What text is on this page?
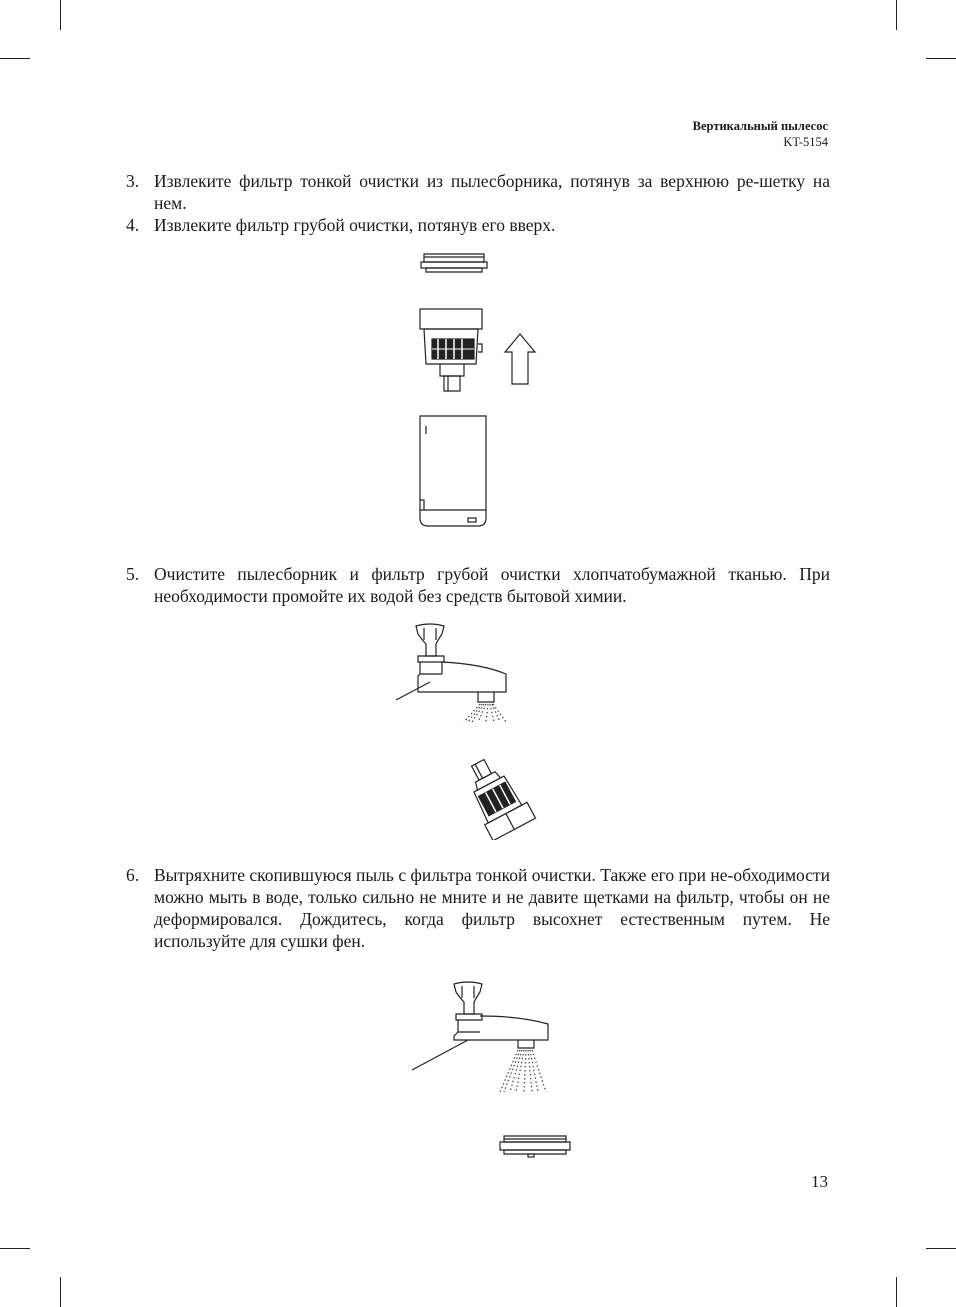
Вертикальный пылесос
KT-5154
3. Извлеките фильтр тонкой очистки из пылесборника, потянув за верхнюю ре-шетку на нем.
4. Извлеките фильтр грубой очистки, потянув его вверх.
5. Очистите пылесборник и фильтр грубой очистки хлопчатобумажной тканью. При необходимости промойте их водой без средств бытовой химии.
6. Вытряхните скопившуюся пыль с фильтра тонкой очистки. Также его при не-обходимости можно мыть в воде, только сильно не мните и не давите щетками на фильтр, чтобы он не деформировался. Дождитесь, когда фильтр высохнет естественным путем. Не используйте для сушки фен.
13
